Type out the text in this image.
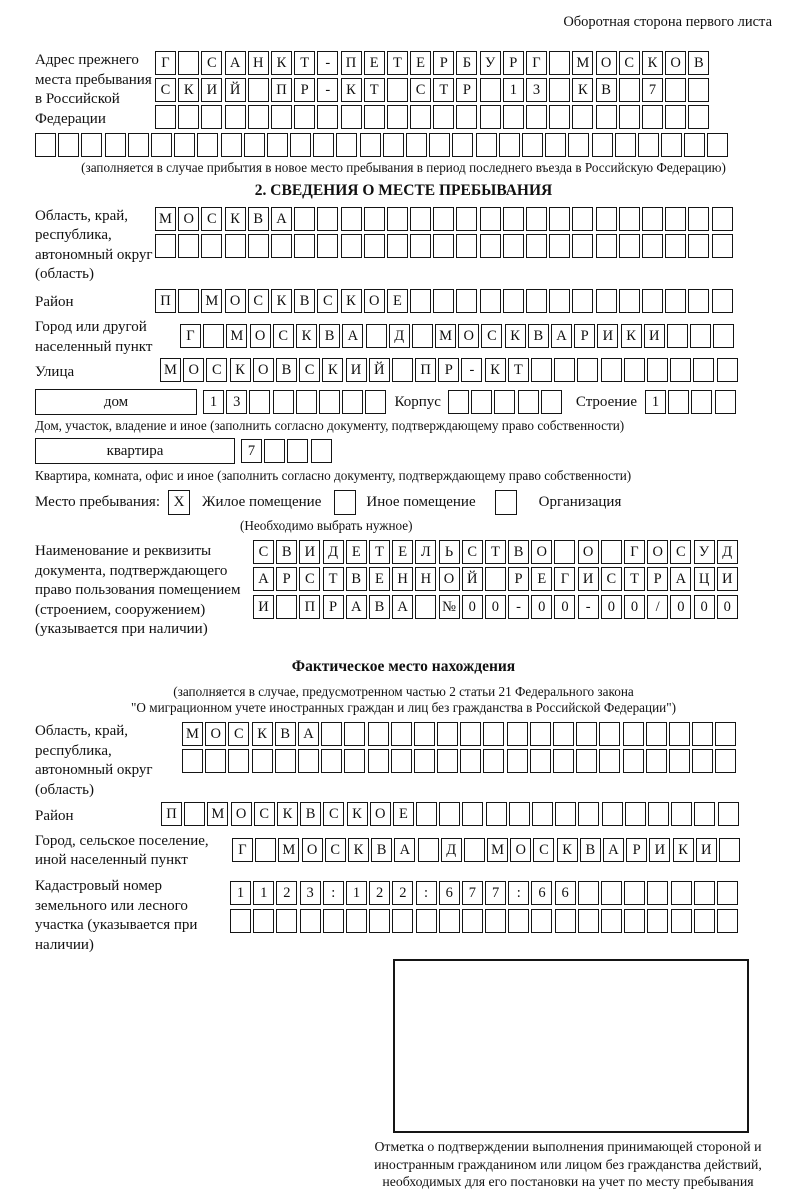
Оборотная сторона первого листа
Адрес прежнего места пребывания в Российской Федерации
Г	С А Н К Т	-	П Е Т Е	Р	Б У Р	Г	М О С К О В
С К И Й	П Р	-	К Т	С Т	Р	1	3	К В	7
(заполняется в случае прибытия в новое место пребывания в период последнего въезда в Российскую Федерацию)
2. СВЕДЕНИЯ О МЕСТЕ ПРЕБЫВАНИЯ
Область, край, республика, автономный округ (область)
М О С К В А
Район	П	М О С К В С К О Е
Город или другой населенный пункт
Г	М О С К В А	Д	М О С К В А Р И К И
Улица	М О С К О В С К И Й	П Р	-	К Т
дом	1	3	Корпус	Строение	1
Дом, участок, владение и иное (заполнить согласно документу, подтверждающему право собственности)
квартира	7
Квартира, комната, офис и иное (заполнить согласно документу, подтверждающему право собственности)
Место пребывания: X	Жилое помещение	Иное помещение	Организация
(Необходимо выбрать нужное)
Наименование и реквизиты документа, подтверждающего право пользования помещением (строением, сооружением) (указывается при наличии)
С В И Д Е Т Е Л Ь С Т В О	О	Г О С У Д
А Р С Т В Е Н Н О Й	Р	Е	Г И С Т	Р А Ц И
И	П Р А В А	№ 0	0	-	0	0	-	0	0	/	0	0	0
Фактическое место нахождения
(заполняется в случае, предусмотренном частью 2 статьи 21 Федерального закона
"О миграционном учете иностранных граждан и лиц без гражданства в Российской Федерации")
Область, край, республика, автономный округ (область)
М О С К В А
Район	П	М О С К В С К О Е
Город, сельское поселение, иной населенный пункт
Г	М О С К В А	Д	М О С К В А Р И К И
Кадастровый номер земельного или лесного участка (указывается при наличии)
1	1	2	3	:	1	2	2	:	6	7	7	:	6	6
Отметка о подтверждении выполнения принимающей стороной и иностранным гражданином или лицом без гражданства действий, необходимых для его постановки на учет по месту пребывания
